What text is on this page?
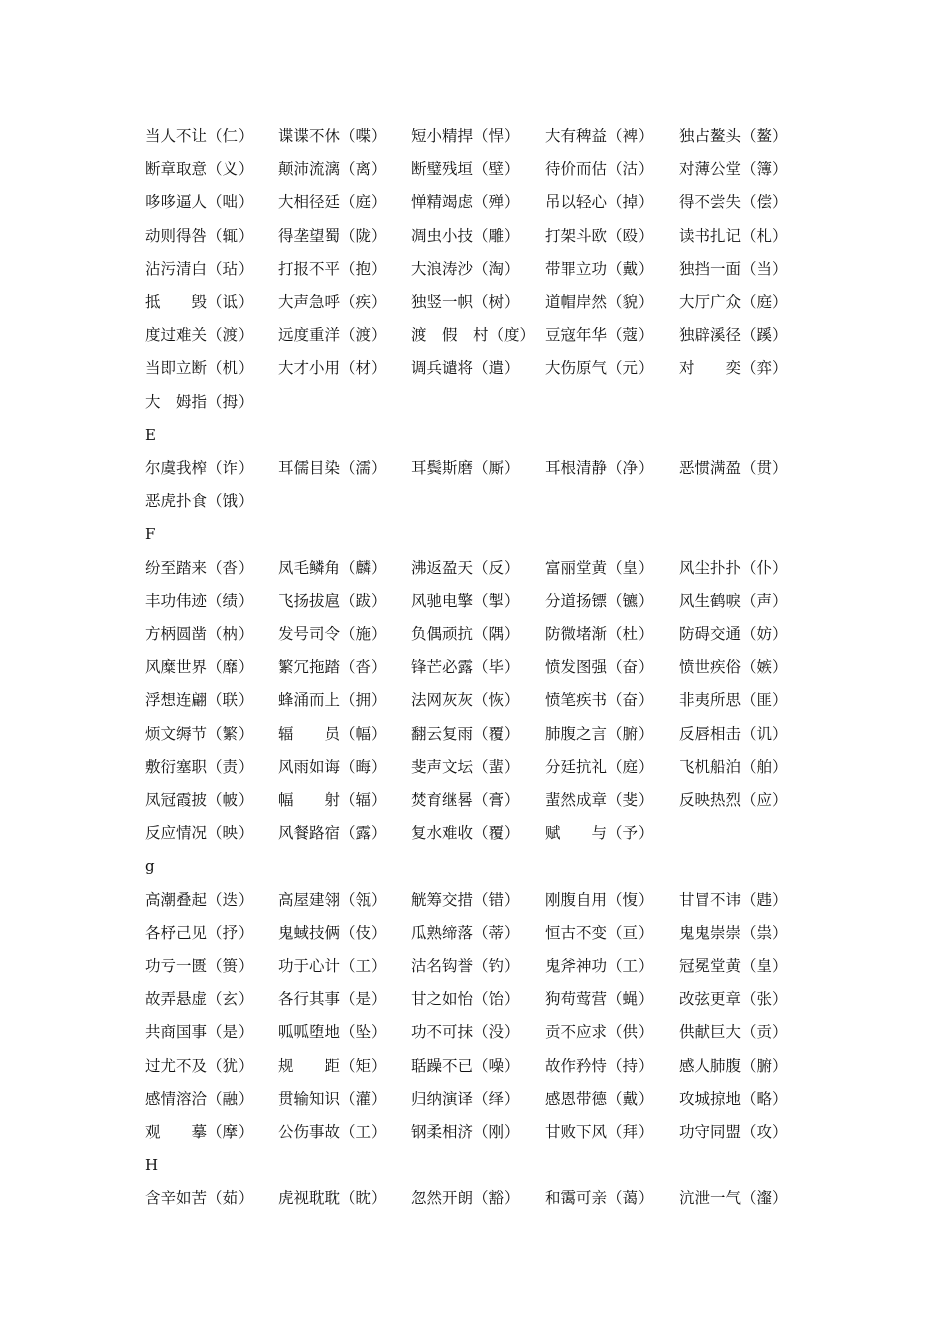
当人不让（仁） 谍谍不休（喋） 短小精捍（悍） 大有稗益（裨） 独占鳌头（鳌）
断章取意（义） 颠沛流漓（离） 断璧残垣（壁） 待价而估（沽） 对薄公堂（簿）
哆哆逼人（咄） 大相径廷（庭） 惮精竭虑（殚） 吊以轻心（掉） 得不尝失（偿）
动则得咎（辄） 得垄望蜀（陇） 凋虫小技（雕） 打架斗欧（殴） 读书扎记（札）
沾污清白（玷） 打报不平（抱） 大浪涛沙（淘） 带罪立功（戴） 独挡一面（当）
抵　　毁（诋） 大声急呼（疾） 独竖一帜（树） 道帽岸然（貌） 大厅广众（庭）
度过难关（渡） 远度重洋（渡） 渡　假　村（度） 豆寇年华（蔻） 独辟溪径（蹊）
当即立断（机） 大才小用（材） 调兵谴将（遣） 大伤原气（元） 对　　奕（弈）
大　姆指（拇）
E
尔虞我榨（诈） 耳儒目染（濡） 耳鬓斯磨（厮） 耳根清静（净） 恶惯满盈（贯）
恶虎扑食（饿）
F
纷至踏来（沓） 凤毛鳞角（麟） 沸返盈天（反） 富丽堂黄（皇） 风尘扑扑（仆）
丰功伟迹（绩） 飞扬拔扈（跋） 风驰电擎（掣） 分道扬镖（镳） 风生鹤唳（声）
方柄圆凿（枘） 发号司令（施） 负偶顽抗（隅） 防微堵渐（杜） 防碍交通（妨）
风糜世界（靡） 繁冗拖踏（沓） 锋芒必露（毕） 愤发图强（奋） 愤世疾俗（嫉）
浮想连翩（联） 蜂涌而上（拥） 法网灰灰（恢） 愤笔疾书（奋） 非夷所思（匪）
烦文缛节（繁） 辐　　员（幅） 翻云复雨（覆） 肺腹之言（腑） 反唇相击（讥）
敷衍塞职（责） 风雨如诲（晦） 斐声文坛（蜚） 分廷抗礼（庭） 飞机船泊（舶）
凤冠霞披（帔） 幅　　射（辐） 焚育继晷（膏） 蜚然成章（斐） 反映热烈（应）
反应情况（映） 风餐路宿（露） 复水难收（覆） 赋　　与（予）
g
高潮叠起（迭） 高屋建翎（瓴） 觥筹交措（错） 刚腹自用（愎） 甘冒不讳（韪）
各杼己见（抒） 鬼蜮技俩（伎） 瓜熟缔落（蒂） 恒古不变（亘） 鬼鬼崇崇（祟）
功亏一匮（篑） 功于心计（工） 沽名钩誉（钓） 鬼斧神功（工） 冠冕堂黄（皇）
故弄悬虚（玄） 各行其事（是） 甘之如怡（饴） 狗苟莺营（蝇） 改弦更章（张）
共商国事（是） 呱呱堕地（坠） 功不可抹（没） 贡不应求（供） 供献巨大（贡）
过尤不及（犹） 规　　距（矩） 聒躁不已（噪） 故作矜恃（持） 感人肺腹（腑）
感情溶洽（融） 贯输知识（灌） 归纳演译（绎） 感恩带德（戴） 攻城掠地（略）
观　　摹（摩） 公伤事故（工） 钢柔相济（刚） 甘败下风（拜） 功守同盟（攻）
H
含辛如苦（茹） 虎视耽耽（眈） 忽然开朗（豁） 和霭可亲（蔼） 沆泄一气（瀣）
